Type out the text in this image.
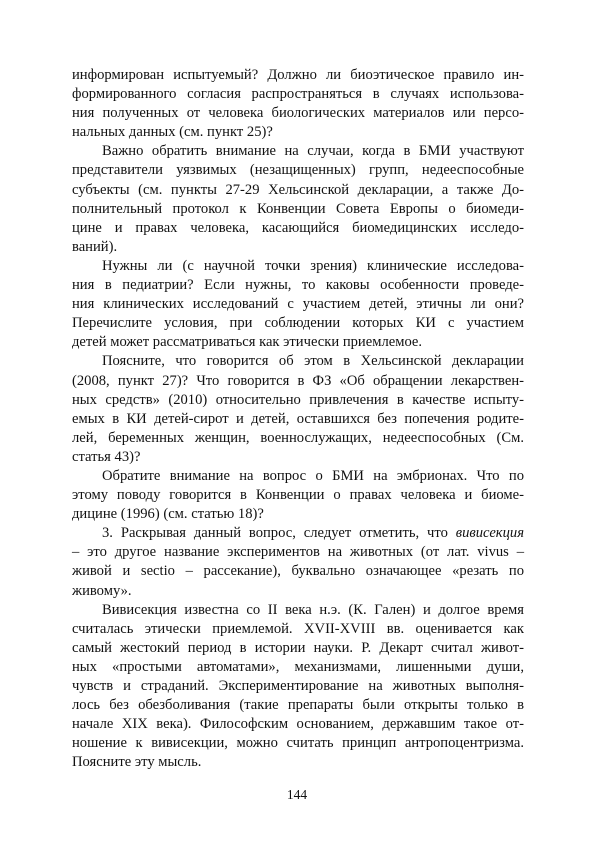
информирован испытуемый? Должно ли биоэтическое правило ин-
формированного согласия распространяться в случаях использова-
ния полученных от человека биологических материалов или персо-
нальных данных (см. пункт 25)?

Важно обратить внимание на случаи, когда в БМИ участвуют
представители уязвимых (незащищенных) групп, недееспособные
субъекты (см. пункты 27-29 Хельсинской декларации, а также До-
полнительный протокол к Конвенции Совета Европы о биомеди-
цине и правах человека, касающийся биомедицинских исследо-
ваний).

Нужны ли (с научной точки зрения) клинические исследова-
ния в педиатрии? Если нужны, то каковы особенности проведе-
ния клинических исследований с участием детей, этичны ли они?
Перечислите условия, при соблюдении которых КИ с участием
детей может рассматриваться как этически приемлемое.

Поясните, что говорится об этом в Хельсинской декларации
(2008, пункт 27)? Что говорится в ФЗ «Об обращении лекарствен-
ных средств» (2010) относительно привлечения в качестве испыту-
емых в КИ детей-сирот и детей, оставшихся без попечения родите-
лей, беременных женщин, военнослужащих, недееспособных (См.
статья 43)?

Обратите внимание на вопрос о БМИ на эмбрионах. Что по
этому поводу говорится в Конвенции о правах человека и биоме-
дицине (1996) (см. статью 18)?

3. Раскрывая данный вопрос, следует отметить, что вивисекция
– это другое название экспериментов на животных (от лат. vivus –
живой и sectio – рассекание), буквально означающее «резать по
живому».

Вивисекция известна со II века н.э. (К. Гален) и долгое время
считалась этически приемлемой. XVII-XVIII вв. оценивается как
самый жестокий период в истории науки. Р. Декарт считал живот-
ных «простыми автоматами», механизмами, лишенными души,
чувств и страданий. Экспериментирование на животных выполня-
лось без обезболивания (такие препараты были открыты только в
начале XIX века). Философским основанием, державшим такое от-
ношение к вивисекции, можно считать принцип антропоцентризма.
Поясните эту мысль.

144
